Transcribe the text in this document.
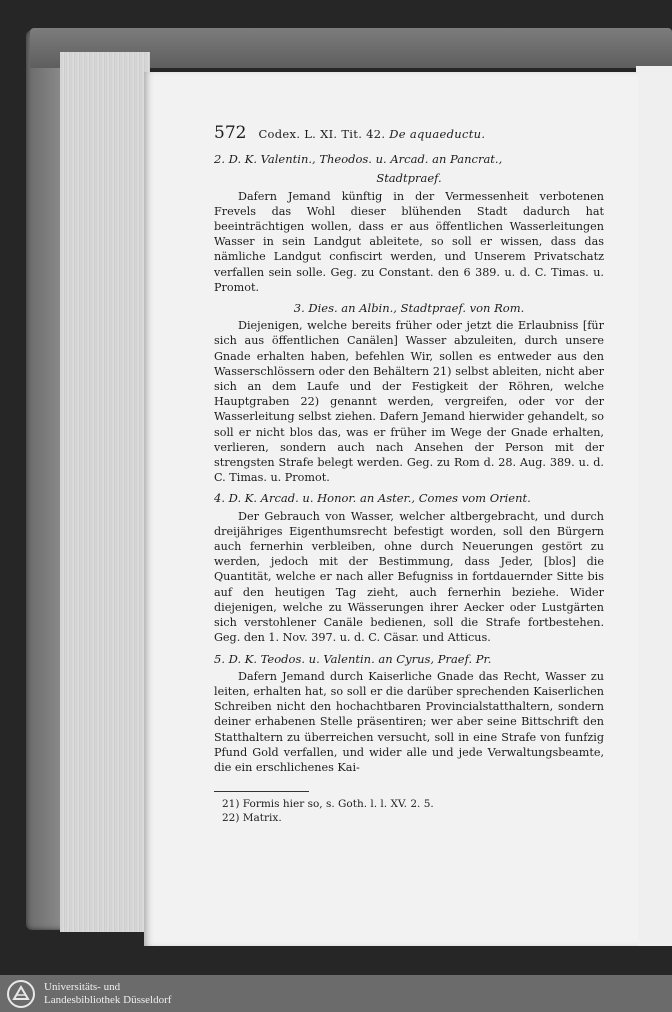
572 Codex. L. XI. Tit. 42. De aquaeductu.
2. D. K. Valentin., Theodos. u. Arcad. an Pancrat.,
Stadtpraef.

Dafern Jemand künftig in der Vermessenheit verbotenen Frevels das Wohl dieser blühenden Stadt dadurch hat beeinträchtigen wollen, dass er aus öffentlichen Wasserleitungen Wasser in sein Landgut ableitete, so soll er wissen, dass das nämliche Landgut confiscirt werden, und Unserem Privatschatz verfallen sein solle. Geg. zu Constant. den 6 389. u. d. C. Timas. u. Promot.

3. Dies. an Albin., Stadtpraef. von Rom.

Diejenigen, welche bereits früher oder jetzt die Erlaubniss [für sich aus öffentlichen Canälen] Wasser abzuleiten, durch unsere Gnade erhalten haben, befehlen Wir, sollen es entweder aus den Wasserschlössern oder den Behältern 21) selbst ableiten, nicht aber sich an dem Laufe und der Festigkeit der Röhren, welche Hauptgraben 22) genannt werden, vergreifen, oder vor der Wasserleitung selbst ziehen. Dafern Jemand hierwider gehandelt, so soll er nicht blos das, was er früher im Wege der Gnade erhalten, verlieren, sondern auch nach Ansehen der Person mit der strengsten Strafe belegt werden. Geg. zu Rom d. 28. Aug. 389. u. d. C. Timas. u. Promot.

4. D. K. Arcad. u. Honor. an Aster., Comes vom Orient.

Der Gebrauch von Wasser, welcher altbergebracht, und durch dreijähriges Eigenthumsrecht befestigt worden, soll den Bürgern auch fernerhin verbleiben, ohne durch Neuerungen gestört zu werden, jedoch mit der Bestimmung, dass Jeder, [blos] die Quantität, welche er nach aller Befugniss in fortdauernder Sitte bis auf den heutigen Tag zieht, auch fernerhin beziehe. Wider diejenigen, welche zu Wässerungen ihrer Aecker oder Lustgärten sich verstohlener Canäle bedienen, soll die Strafe fortbestehen. Geg. den 1. Nov. 397. u. d. C. Cäsar. und Atticus.

5. D. K. Teodos. u. Valentin. an Cyrus, Praef. Pr.

Dafern Jemand durch Kaiserliche Gnade das Recht, Wasser zu leiten, erhalten hat, so soll er die darüber sprechenden Kaiserlichen Schreiben nicht den hochachtbaren Provincialstatthaltern, sondern deiner erhabenen Stelle präsentiren; wer aber seine Bittschrift den Statthaltern zu überreichen versucht, soll in eine Strafe von funfzig Pfund Gold verfallen, und wider alle und jede Verwaltungsbeamte, die ein erschlichenes Kai-

21) Formis hier so, s. Goth. l. l. XV. 2. 5.
22) Matrix.
Universitäts- und
Landesbibliothek Düsseldorf
